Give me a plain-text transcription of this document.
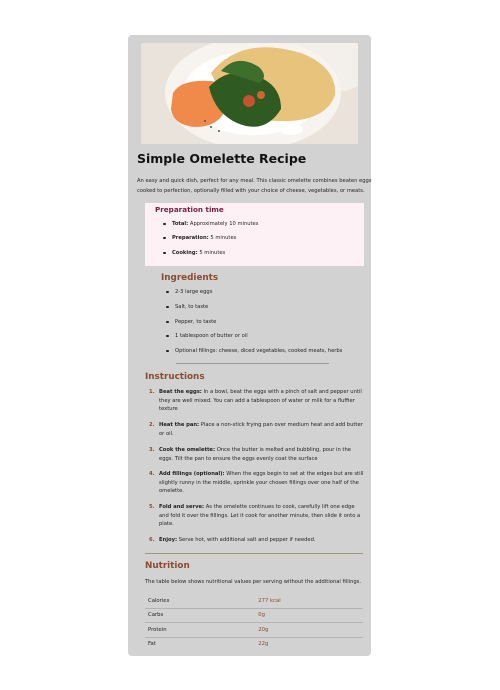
Simple Omelette Recipe

An easy and quick dish, perfect for any meal. This classic omelette combines beaten eggs cooked to perfection, optionally filled with your choice of cheese, vegetables, or meats.

Preparation time
Total: Approximately 10 minutes
Preparation: 5 minutes
Cooking: 5 minutes
Ingredients
2-3 large eggs
Salt, to taste
Pepper, to taste
1 tablespoon of butter or oil
Optional fillings: cheese, diced vegetables, cooked meats, herbs
Instructions
1. Beat the eggs: In a bowl, beat the eggs with a pinch of salt and pepper until they are well mixed. You can add a tablespoon of water or milk for a fluffier texture
2. Heat the pan: Place a non-stick frying pan over medium heat and add butter or oil.
3. Cook the omelette: Once the butter is melted and bubbling, pour in the eggs. Tilt the pan to ensure the eggs evenly coat the surface
4. Add fillings (optional): When the eggs begin to set at the edges but are still slightly runny in the middle, sprinkle your chosen fillings over one half of the omelette.
5. Fold and serve: As the omelette continues to cook, carefully lift one edge and fold it over the fillings. Let it cook for another minute, then slide it onto a plate.
6. Enjoy: Serve hot, with additional salt and pepper if needed.
Nutrition

The table below shows nutritional values per serving without the additional fillings.

Calories	277 kcal
Carbs	0g
Protein	20g
Fat	22g
